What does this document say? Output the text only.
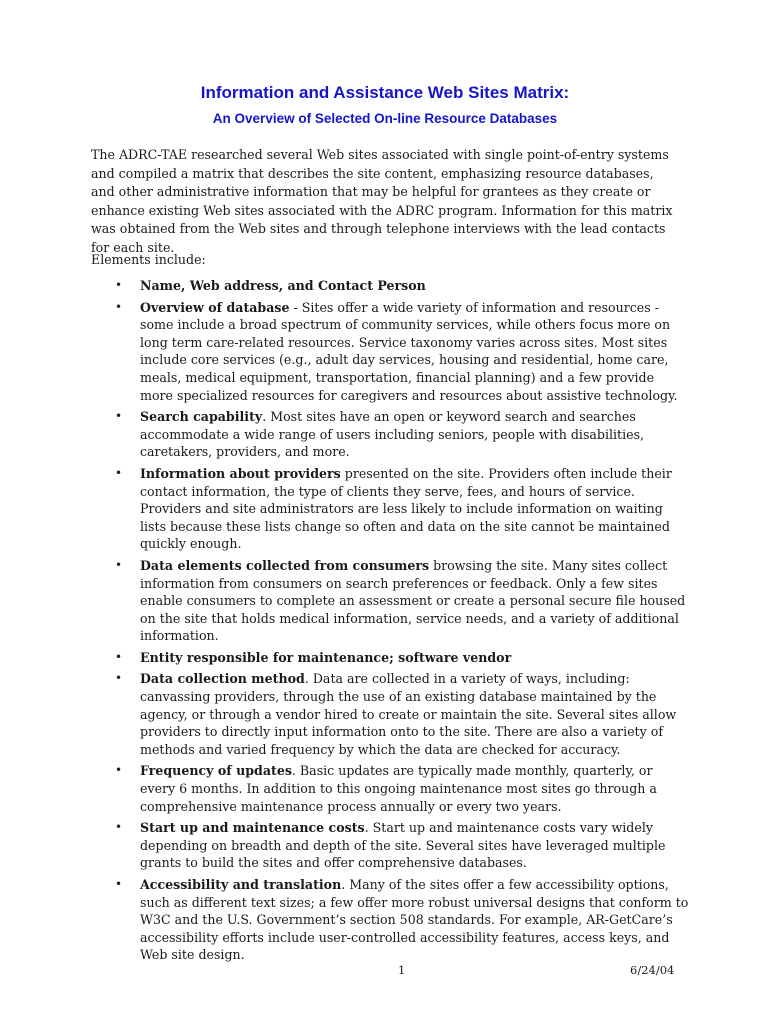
Information and Assistance Web Sites Matrix:
An Overview of Selected On-line Resource Databases

The ADRC-TAE researched several Web sites associated with single point-of-entry systems and compiled a matrix that describes the site content, emphasizing resource databases, and other administrative information that may be helpful for grantees as they create or enhance existing Web sites associated with the ADRC program. Information for this matrix was obtained from the Web sites and through telephone interviews with the lead contacts for each site.

Elements include:

• Name, Web address, and Contact Person
• Overview of database - Sites offer a wide variety of information and resources - some include a broad spectrum of community services, while others focus more on long term care-related resources. Service taxonomy varies across sites. Most sites include core services (e.g., adult day services, housing and residential, home care, meals, medical equipment, transportation, financial planning) and a few provide more specialized resources for caregivers and resources about assistive technology.
• Search capability. Most sites have an open or keyword search and searches accommodate a wide range of users including seniors, people with disabilities, caretakers, providers, and more.
• Information about providers presented on the site. Providers often include their contact information, the type of clients they serve, fees, and hours of service. Providers and site administrators are less likely to include information on waiting lists because these lists change so often and data on the site cannot be maintained quickly enough.
• Data elements collected from consumers browsing the site. Many sites collect information from consumers on search preferences or feedback. Only a few sites enable consumers to complete an assessment or create a personal secure file housed on the site that holds medical information, service needs, and a variety of additional information.
• Entity responsible for maintenance; software vendor
• Data collection method. Data are collected in a variety of ways, including: canvassing providers, through the use of an existing database maintained by the agency, or through a vendor hired to create or maintain the site. Several sites allow providers to directly input information onto to the site. There are also a variety of methods and varied frequency by which the data are checked for accuracy.
• Frequency of updates. Basic updates are typically made monthly, quarterly, or every 6 months. In addition to this ongoing maintenance most sites go through a comprehensive maintenance process annually or every two years.
• Start up and maintenance costs. Start up and maintenance costs vary widely depending on breadth and depth of the site. Several sites have leveraged multiple grants to build the sites and offer comprehensive databases.
• Accessibility and translation. Many of the sites offer a few accessibility options, such as different text sizes; a few offer more robust universal designs that conform to W3C and the U.S. Government’s section 508 standards. For example, AR-GetCare’s accessibility efforts include user-controlled accessibility features, access keys, and Web site design.
1	6/24/04
